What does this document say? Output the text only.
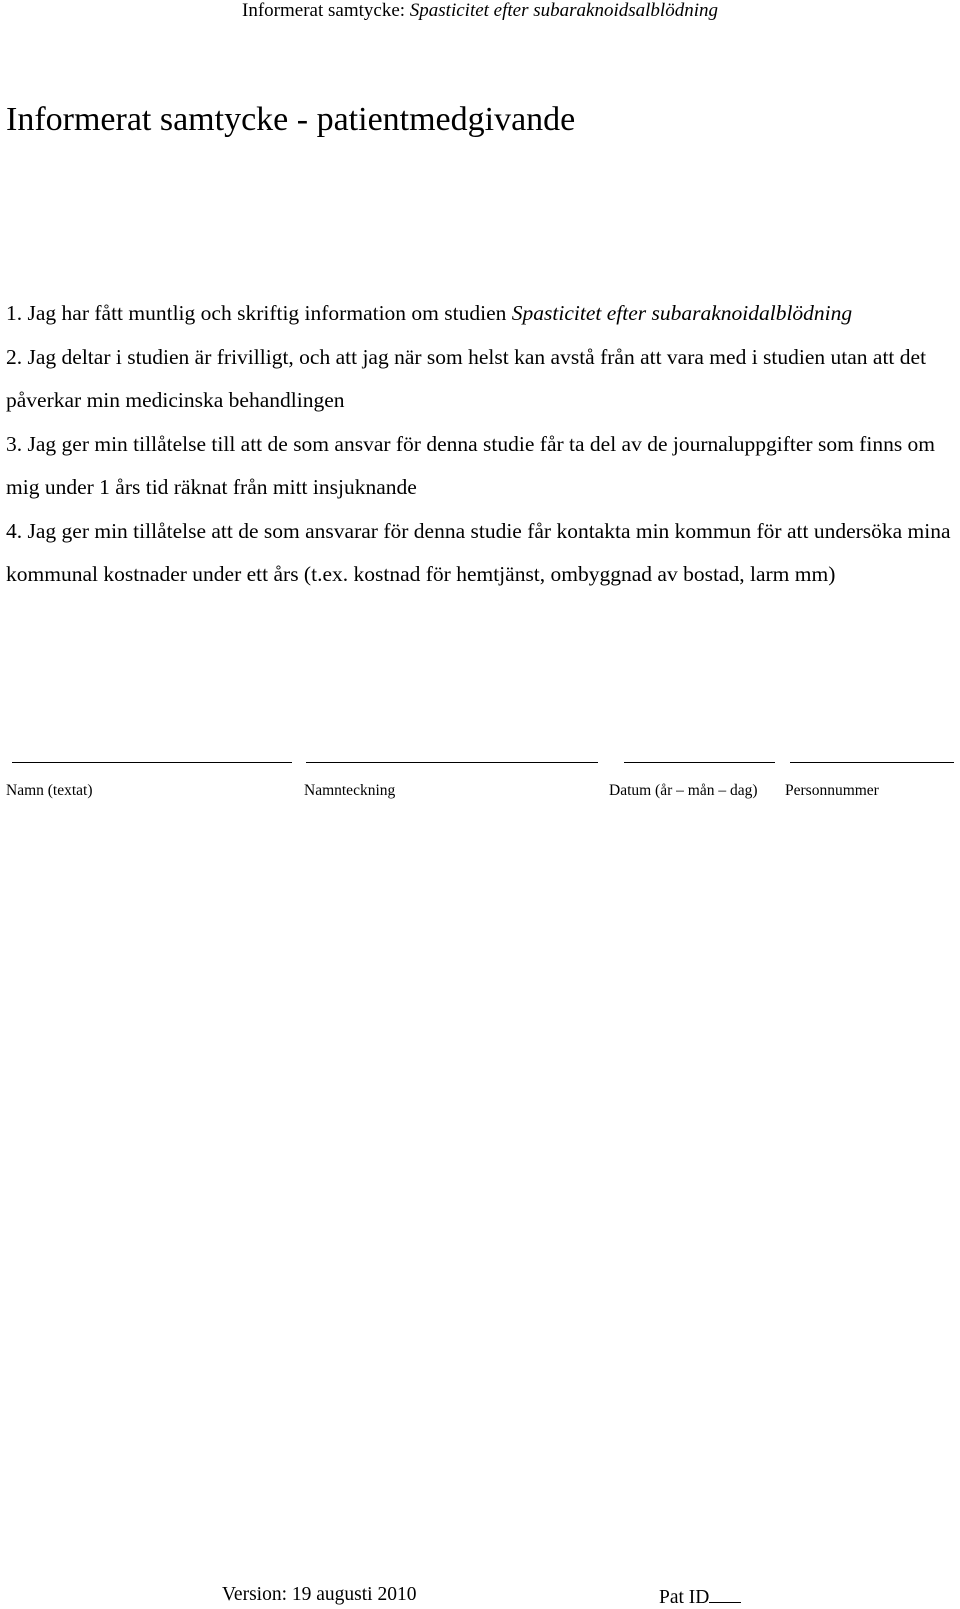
Informerat samtycke: Spasticitet efter subaraknoidsalblödning
Informerat samtycke - patientmedgivande

1. Jag har fått muntlig och skriftig information om studien Spasticitet efter subaraknoidalblödning

2. Jag deltar i studien är frivilligt, och att jag när som helst kan avstå från att vara med i studien utan att det påverkar min medicinska behandlingen

3. Jag ger min tillåtelse till att de som ansvar för denna studie får ta del av de journaluppgifter som finns om mig under 1 års tid räknat från mitt insjuknande

4. Jag ger min tillåtelse att de som ansvarar för denna studie får kontakta min kommun för att undersöka mina kommunal kostnader under ett års (t.ex. kostnad för hemtjänst, ombyggnad av bostad, larm mm)

Namn (textat)	Namnteckning	Datum (år – mån – dag) Personnummer
Version: 19 augusti 2010	Pat ID
